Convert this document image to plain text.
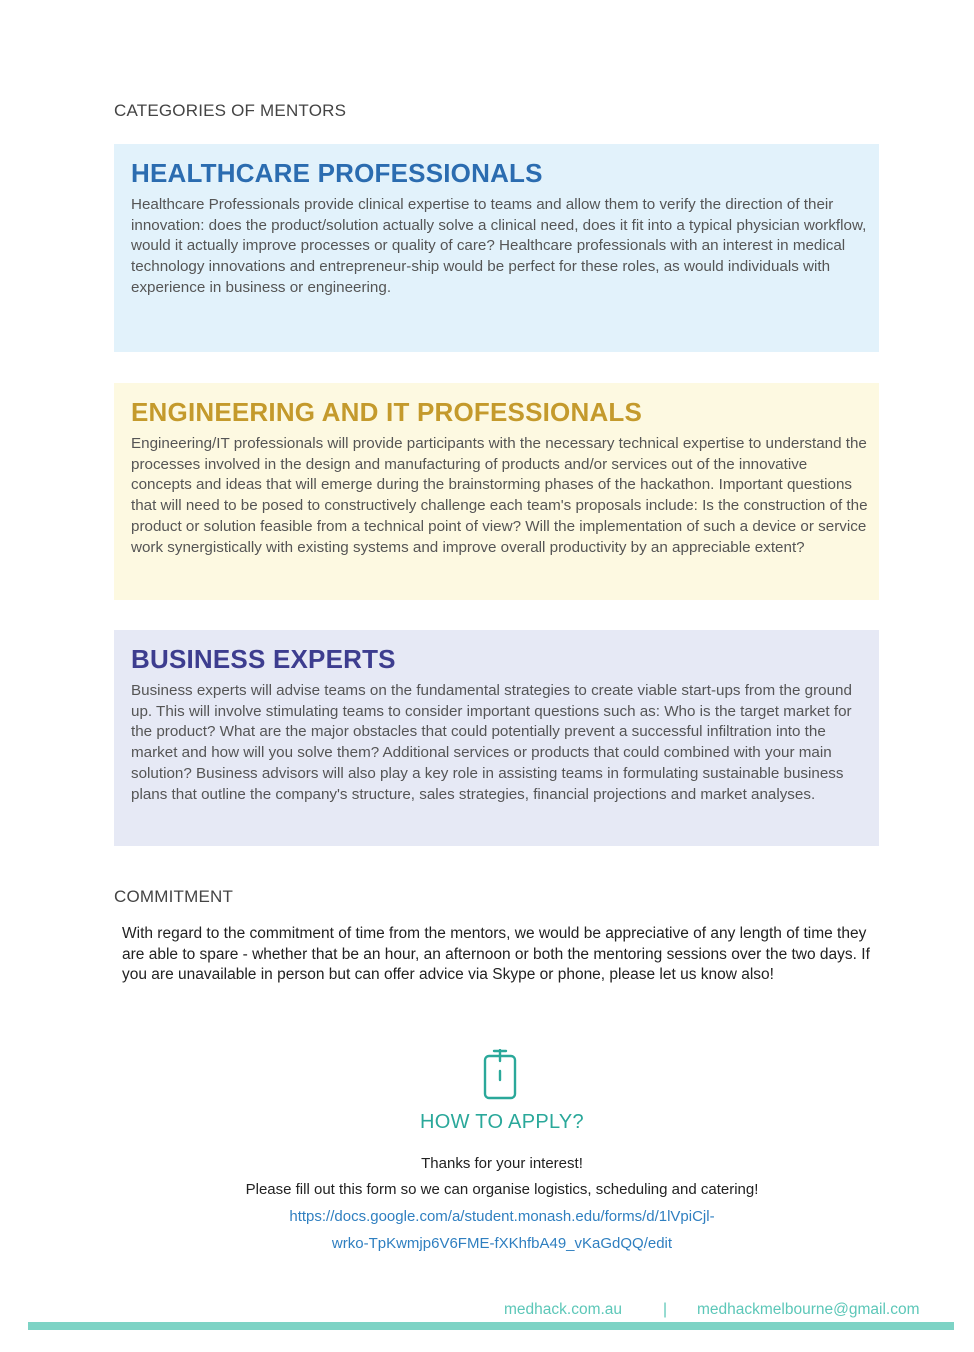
CATEGORIES OF MENTORS
HEALTHCARE PROFESSIONALS

Healthcare Professionals provide clinical expertise to teams and allow them to verify the direction of their innovation: does the product/solution actually solve a clinical need, does it fit into a typical physician workflow, would it actually improve processes or quality of care? Healthcare professionals with an interest in medical technology innovations and entrepreneur-ship would be perfect for these roles, as would individuals with experience in business or engineering.

ENGINEERING AND IT PROFESSIONALS

Engineering/IT professionals will provide participants with the necessary technical expertise to understand the processes involved in the design and manufacturing of products and/or services out of the innovative concepts and ideas that will emerge during the brainstorming phases of the hackathon. Important questions that will need to be posed to constructively challenge each team's proposals include: Is the construction of the product or solution feasible from a technical point of view? Will the implementation of such a device or service work synergistically with existing systems and improve overall productivity by an appreciable extent?

BUSINESS EXPERTS

Business experts will advise teams on the fundamental strategies to create viable start-ups from the ground up. This will involve stimulating teams to consider important questions such as: Who is the target market for the product? What are the major obstacles that could potentially prevent a successful infiltration into the market and how will you solve them? Additional services or products that could combined with your main solution? Business advisors will also play a key role in assisting teams in formulating sustainable business plans that outline the company's structure, sales strategies, financial projections and market analyses.

COMMITMENT

With regard to the commitment of time from the mentors, we would be appreciative of any length of time they are able to spare - whether that be an hour, an afternoon or both the mentoring sessions over the two days. If you are unavailable in person but can offer advice via Skype or phone, please let us know also!

HOW TO APPLY?
Thanks for your interest!
Please fill out this form so we can organise logistics, scheduling and catering!
https://docs.google.com/a/student.monash.edu/forms/d/1lVpiCjl-
wrko-TpKwmjp6V6FME-fXKhfbA49_vKaGdQQ/edit
medhack.com.au	| medhackmelbourne@gmail.com
